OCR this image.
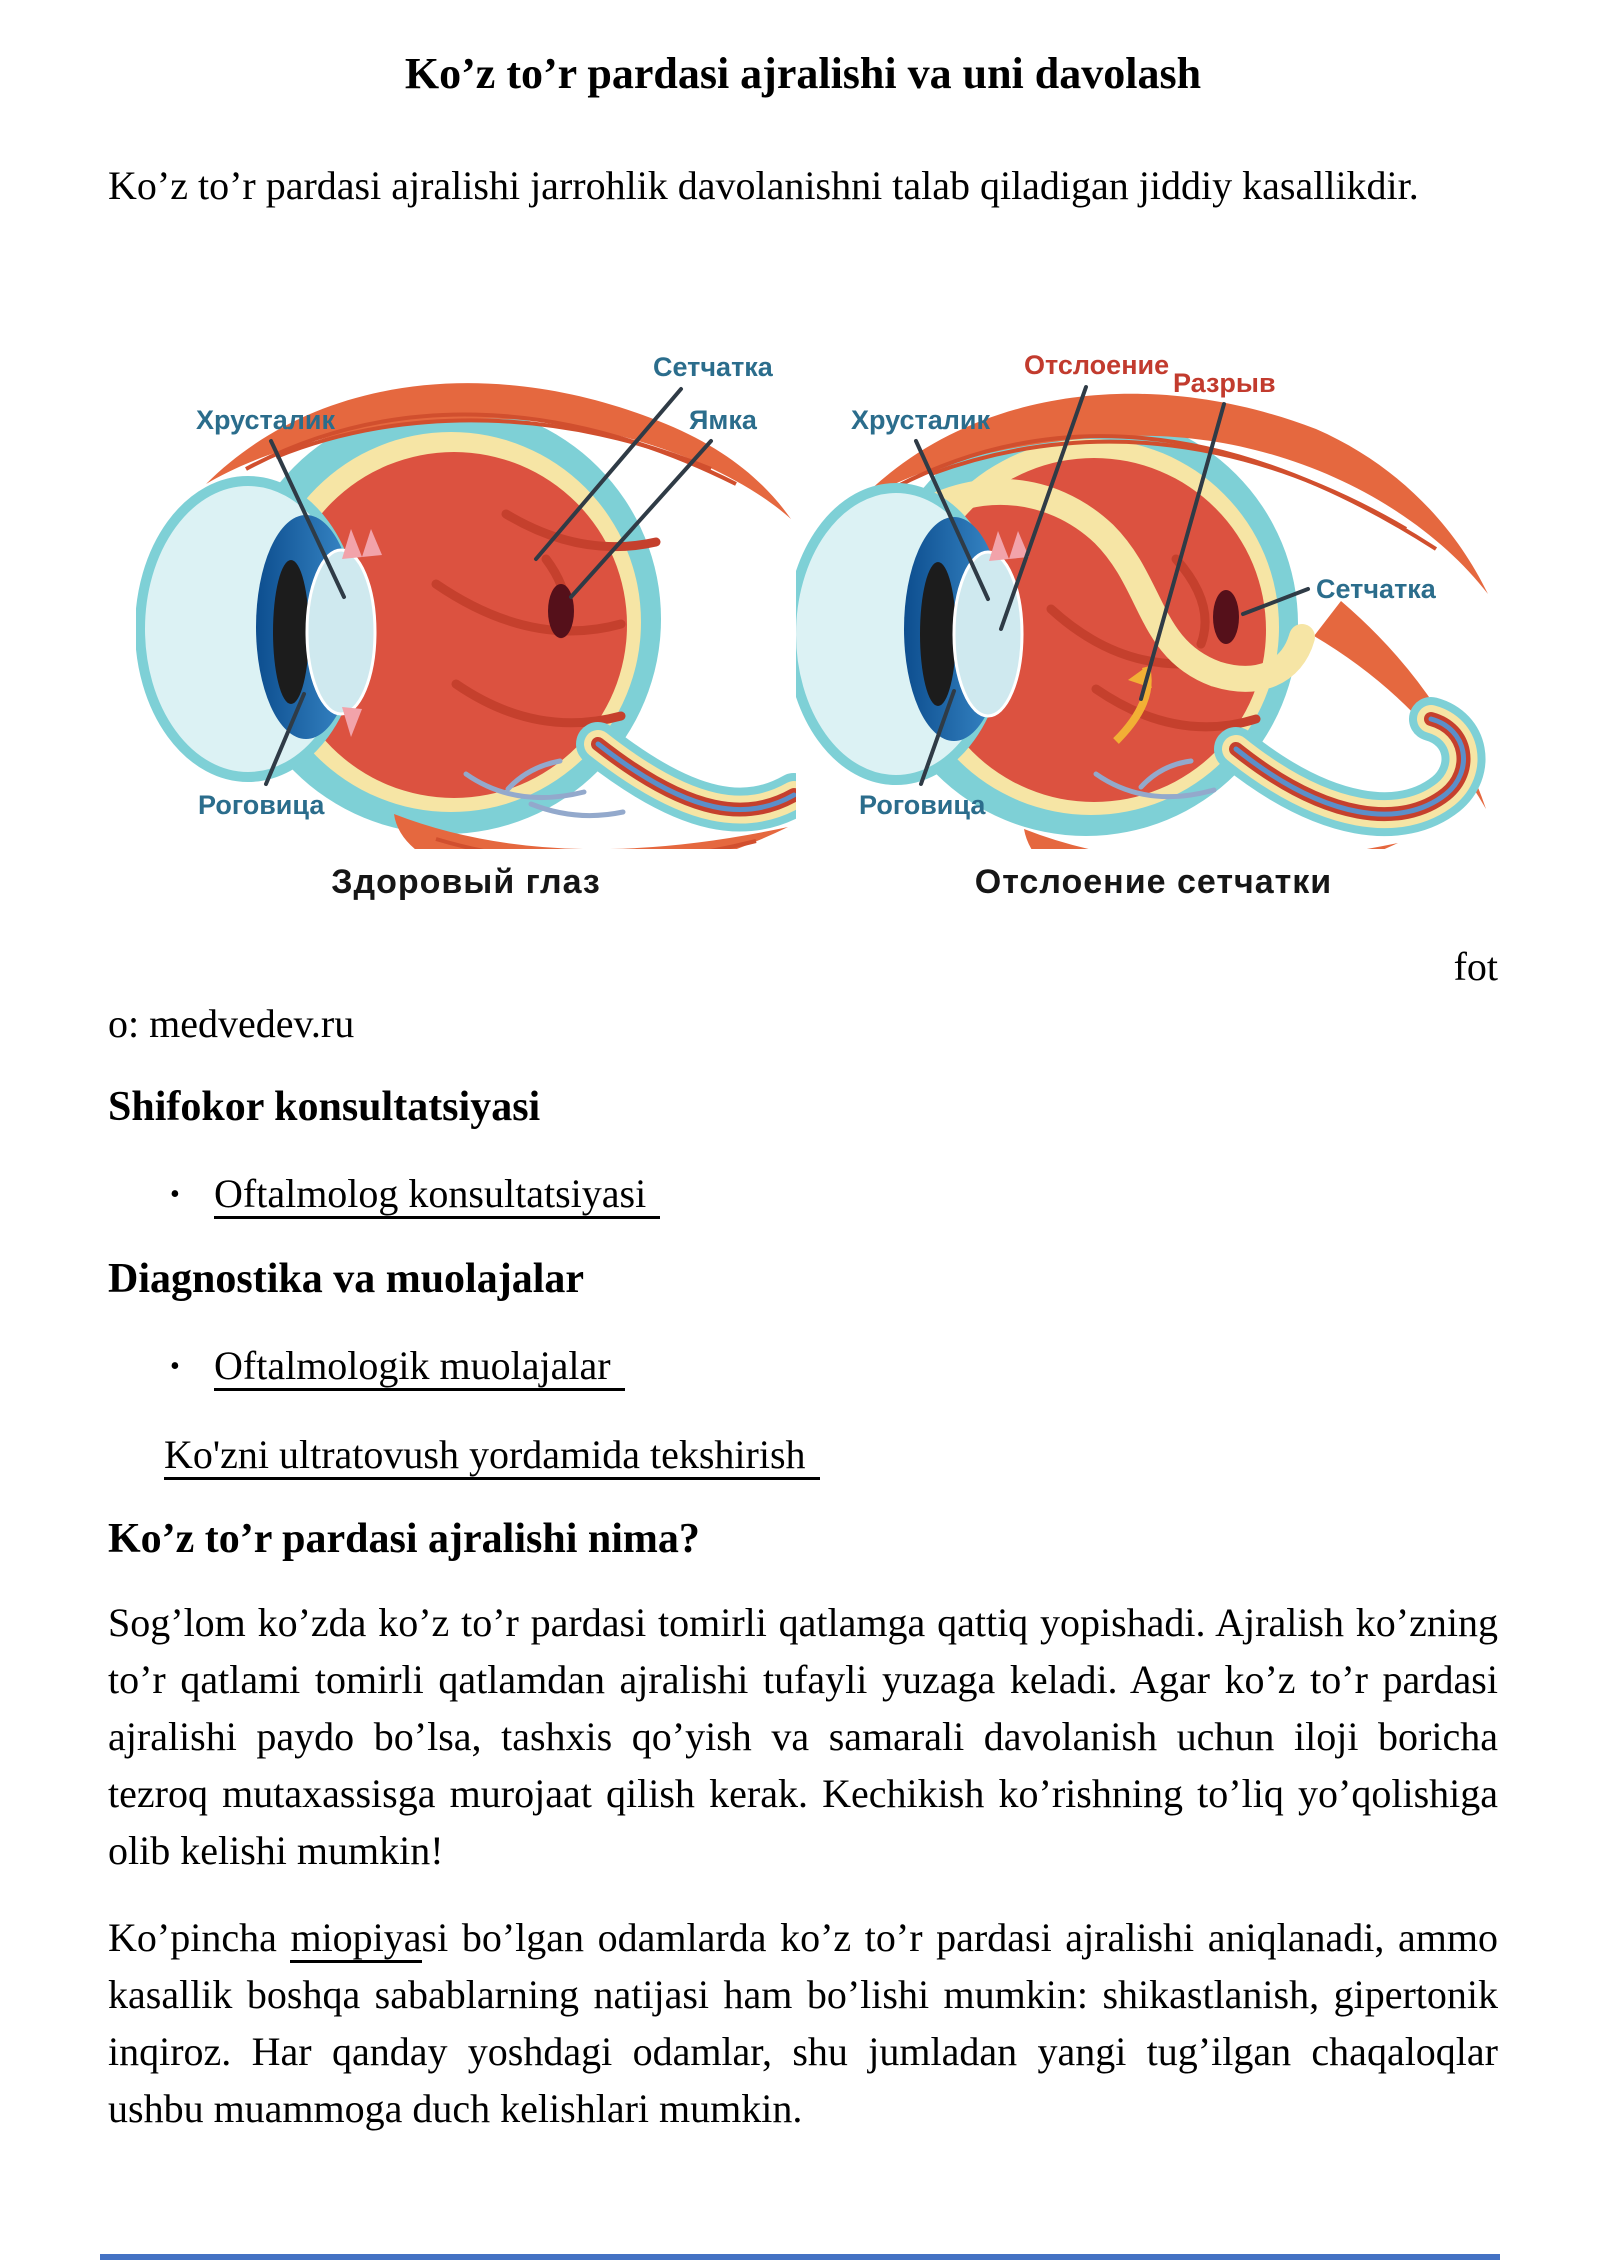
Ko’z to’r pardasi ajralishi va uni davolash

Ko’z to’r pardasi ajralishi jarrohlik davolanishni talab qiladigan jiddiy kasallikdir.

Сетчатка
Ямка
Хрусталик
Роговица
Здоровый глаз
Отслоение
Разрыв
Хрусталик
Сетчатка
Роговица
Отслоение сетчатки
fot
o: medvedev.ru
Shifokor konsultatsiyasi
• Oftalmolog konsultatsiyasi
Diagnostika va muolajalar
• Oftalmologik muolajalar
Ko'zni ultratovush yordamida tekshirish
Ko’z to’r pardasi ajralishi nima?

Sog’lom ko’zda ko’z to’r pardasi tomirli qatlamga qattiq yopishadi. Ajralish ko’zning to’r qatlami tomirli qatlamdan ajralishi tufayli yuzaga keladi. Agar ko’z to’r pardasi ajralishi paydo bo’lsa, tashxis qo’yish va samarali davolanish uchun iloji boricha tezroq mutaxassisga murojaat qilish kerak. Kechikish ko’rishning to’liq yo’qolishiga olib kelishi mumkin!

Ko’pincha miopiyasi bo’lgan odamlarda ko’z to’r pardasi ajralishi aniqlanadi, ammo kasallik boshqa sabablarning natijasi ham bo’lishi mumkin: shikastlanish, gipertonik inqiroz. Har qanday yoshdagi odamlar, shu jumladan yangi tug’ilgan chaqaloqlar ushbu muammoga duch kelishlari mumkin.
